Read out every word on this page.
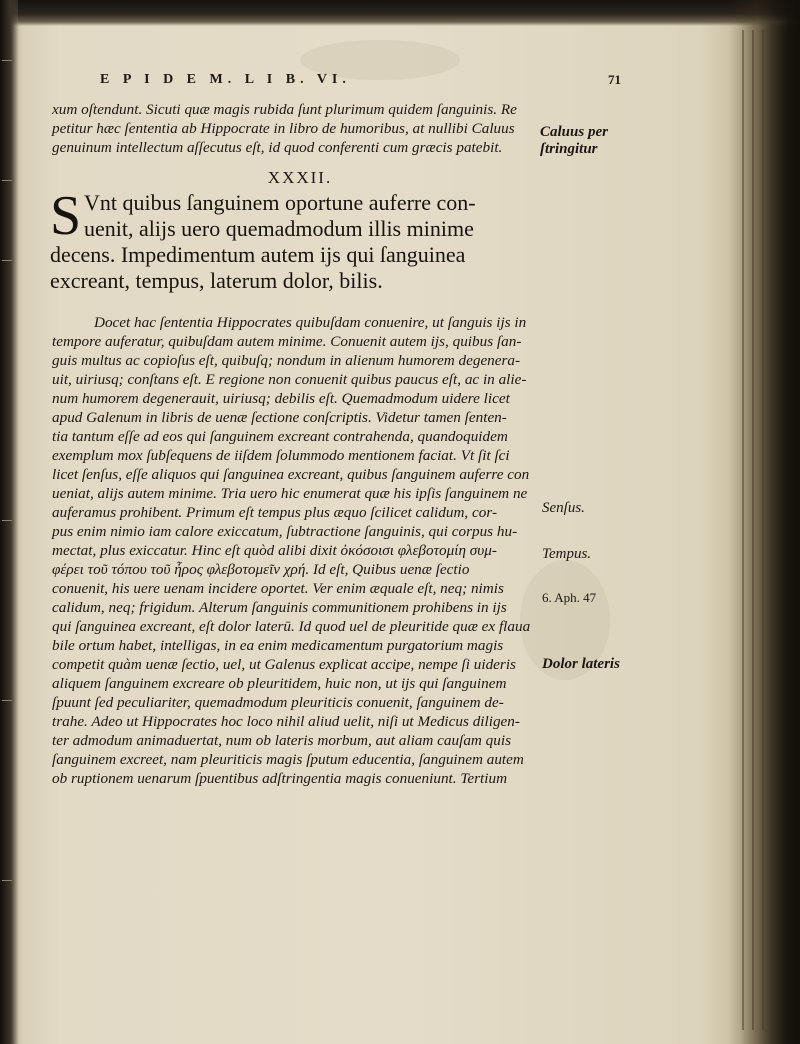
E P I D E M. L I B. VI.	71
xum oſtendunt. Sicuti quæ magis rubida ſunt plurimum quidem ſanguinis. Re
petitur hæc ſententia ab Hippocrate in libro de humoribus, at nullibi Caluus
genuinum intellectum aſſecutus eſt, id quod conferenti cum græcis patebit.
XXXII.
S Vnt quibus ſanguinem oportune auferre con-
uenit, alijs uero quemadmodum illis minime
decens. Impedimentum autem ijs qui ſanguinea
excreant, tempus, laterum dolor, bilis.
Docet hac ſententia Hippocrates quibuſdam conuenire, ut ſanguis ijs in
tempore auferatur, quibuſdam autem minime. Conuenit autem ijs, quibus ſan-
guis multus ac copioſus eſt, quibuſq; nondum in alienum humorem degenera-
uit, uiriusq; conſtans eſt. E regione non conuenit quibus paucus eſt, ac in alie-
num humorem degenerauit, uiriusq; debilis eſt. Quemadmodum uidere licet
apud Galenum in libris de uenæ ſectione conſcriptis. Videtur tamen ſenten-
tia tantum eſſe ad eos qui ſanguinem excreant contrahenda, quandoquidem
exemplum mox ſubſequens de iiſdem ſolummodo mentionem faciat. Vt ſit ſci
licet ſenſus, eſſe aliquos qui ſanguinea excreant, quibus ſanguinem auferre con
ueniat, alijs autem minime. Tria uero hic enumerat quæ his ipſis ſanguinem ne
auferamus prohibent. Primum eſt tempus plus æquo ſcilicet calidum, cor-
pus enim nimio iam calore exiccatum, ſubtractione ſanguinis, qui corpus hu-
mectat, plus exiccatur. Hinc eſt quòd alibi dixit ὀκόσοισι φλεβοτομίη συμ-
φέρει τοῦ τόπου τοῦ ἦρος φλεβοτομεῖν χρή. Id eſt, Quibus uenæ ſectio
conuenit, his uere uenam incidere oportet. Ver enim æquale eſt, neq; nimis
calidum, neq; frigidum. Alterum ſanguinis communitionem prohibens in ijs
qui ſanguinea excreant, eſt dolor laterū. Id quod uel de pleuritide quæ ex flaua
bile ortum habet, intelligas, in ea enim medicamentum purgatorium magis
competit quàm uenæ ſectio, uel, ut Galenus explicat accipe, nempe ſi uideris
aliquem ſanguinem excreare ob pleuritidem, huic non, ut ijs qui ſanguinem
ſpuunt ſed peculiariter, quemadmodum pleuriticis conuenit, ſanguinem de-
trahe. Adeo ut Hippocrates hoc loco nihil aliud uelit, niſi ut Medicus diligen-
ter admodum animaduertat, num ob lateris morbum, aut aliam cauſam quis
ſanguinem excreet, nam pleuriticis magis ſputum educentia, ſanguinem autem
ob ruptionem uenarum ſpuentibus adſtringentia magis conueniunt. Tertium
Caluus per
ſtringitur
Senſus.
Tempus.
6. Aph. 47
Dolor lateris
